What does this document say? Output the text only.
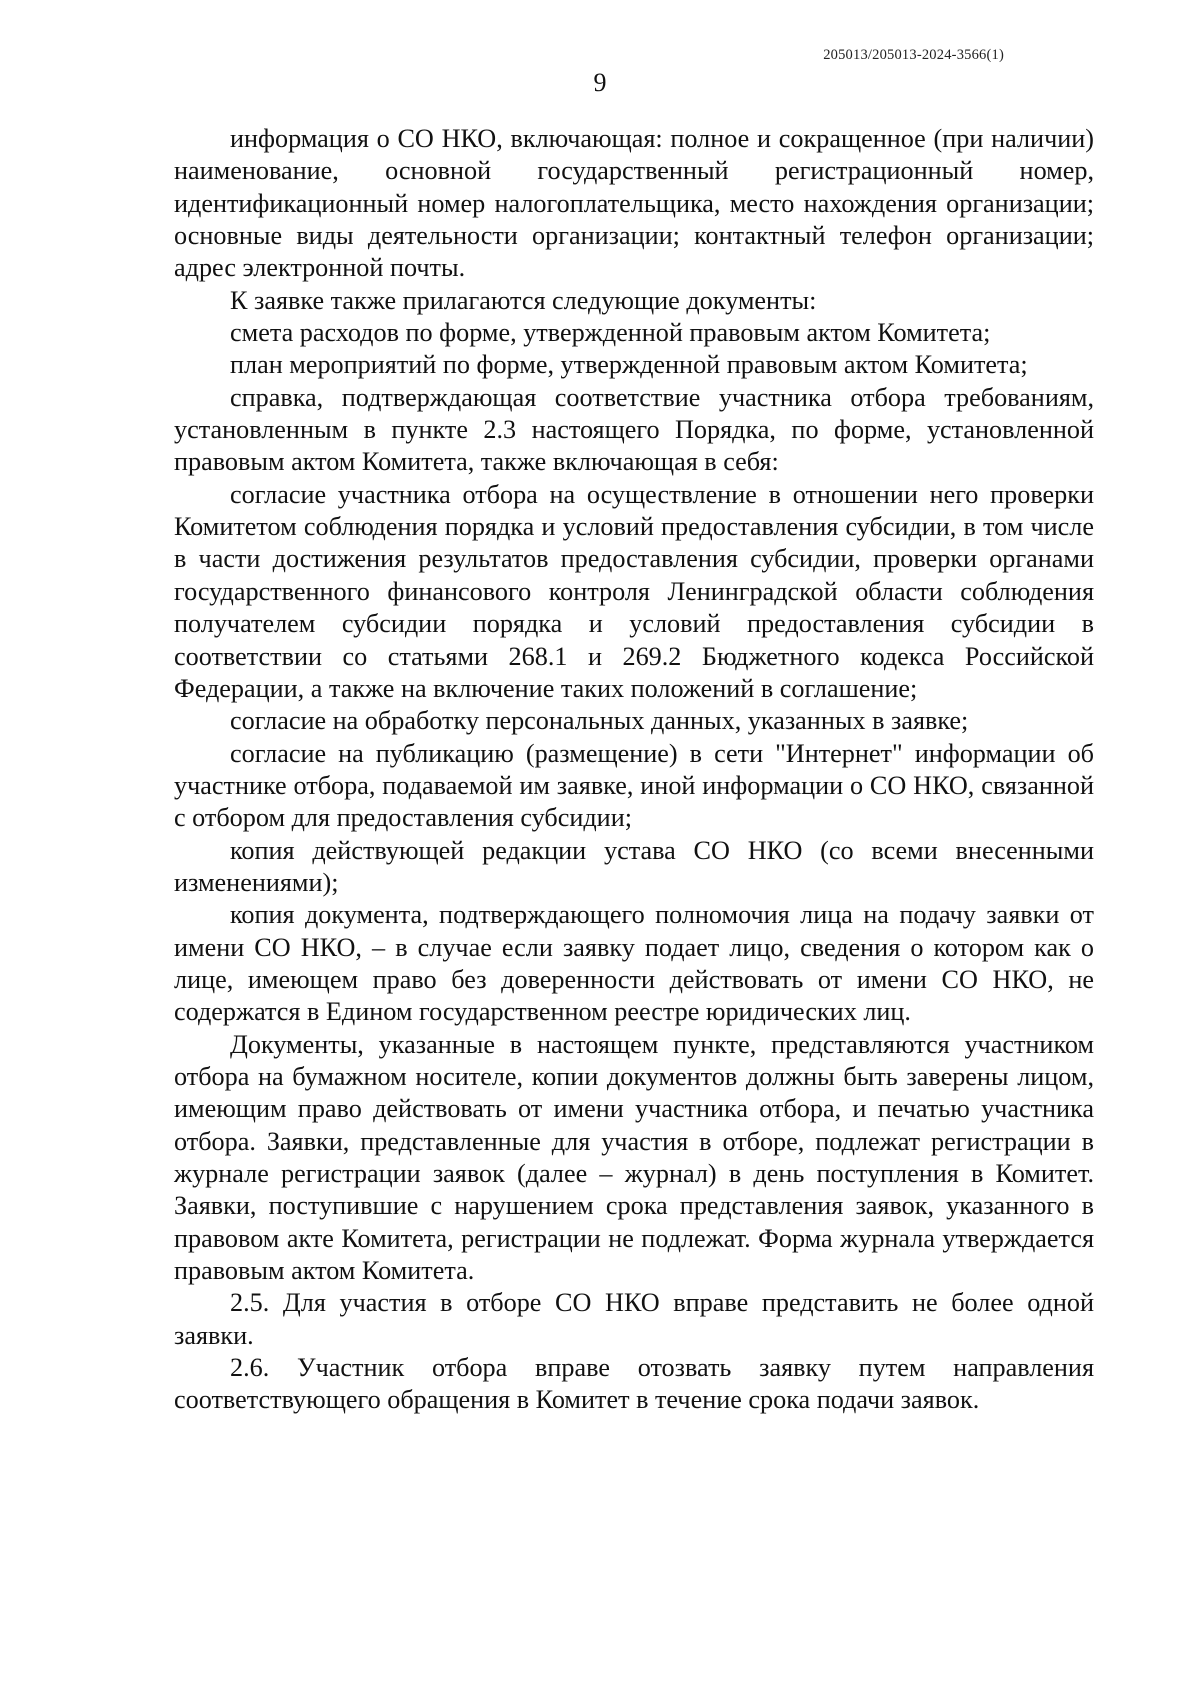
205013/205013-2024-3566(1)
9

информация о СО НКО, включающая: полное и сокращенное (при наличии) наименование, основной государственный регистрационный номер, идентификационный номер налогоплательщика, место нахождения организации; основные виды деятельности организации; контактный телефон организации; адрес электронной почты.

К заявке также прилагаются следующие документы:

смета расходов по форме, утвержденной правовым актом Комитета;

план мероприятий по форме, утвержденной правовым актом Комитета;

справка, подтверждающая соответствие участника отбора требованиям, установленным в пункте 2.3 настоящего Порядка, по форме, установленной правовым актом Комитета, также включающая в себя:

согласие участника отбора на осуществление в отношении него проверки Комитетом соблюдения порядка и условий предоставления субсидии, в том числе в части достижения результатов предоставления субсидии, проверки органами государственного финансового контроля Ленинградской области соблюдения получателем субсидии порядка и условий предоставления субсидии в соответствии со статьями 268.1 и 269.2 Бюджетного кодекса Российской Федерации, а также на включение таких положений в соглашение;

согласие на обработку персональных данных, указанных в заявке;

согласие на публикацию (размещение) в сети "Интернет" информации об участнике отбора, подаваемой им заявке, иной информации о СО НКО, связанной с отбором для предоставления субсидии;

копия действующей редакции устава СО НКО (со всеми внесенными изменениями);

копия документа, подтверждающего полномочия лица на подачу заявки от имени СО НКО, – в случае если заявку подает лицо, сведения о котором как о лице, имеющем право без доверенности действовать от имени СО НКО, не содержатся в Едином государственном реестре юридических лиц.

Документы, указанные в настоящем пункте, представляются участником отбора на бумажном носителе, копии документов должны быть заверены лицом, имеющим право действовать от имени участника отбора, и печатью участника отбора. Заявки, представленные для участия в отборе, подлежат регистрации в журнале регистрации заявок (далее – журнал) в день поступления в Комитет. Заявки, поступившие с нарушением срока представления заявок, указанного в правовом акте Комитета, регистрации не подлежат. Форма журнала утверждается правовым актом Комитета.

2.5. Для участия в отборе СО НКО вправе представить не более одной заявки.

2.6. Участник отбора вправе отозвать заявку путем направления соответствующего обращения в Комитет в течение срока подачи заявок.
